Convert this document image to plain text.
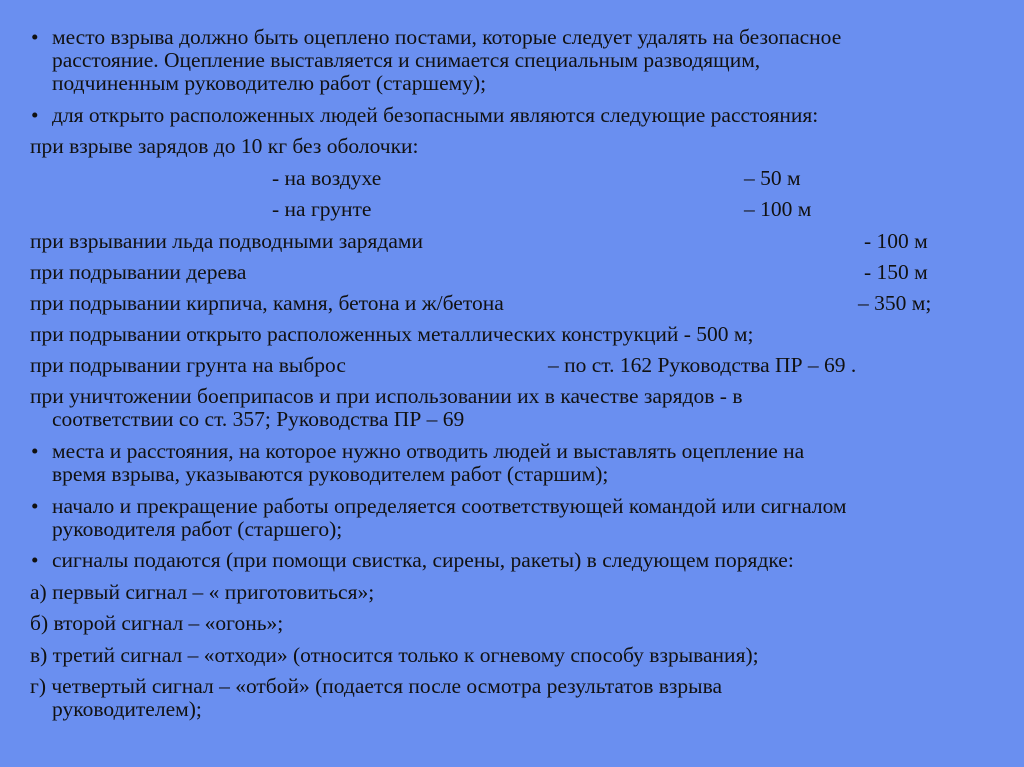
• место взрыва должно быть оцеплено постами, которые следует удалять на безопасное
расстояние. Оцепление выставляется и снимается специальным разводящим,
подчиненным руководителю работ (старшему);
• для открыто расположенных людей безопасными являются следующие расстояния:
при взрыве зарядов до 10 кг без оболочки:
- на воздухе	– 50 м
- на грунте	– 100 м
при взрывании льда подводными зарядами	- 100 м
при подрывании дерева	- 150 м
при подрывании кирпича, камня, бетона и ж/бетона	– 350 м;
при подрывании открыто расположенных металлических конструкций - 500 м;
при подрывании грунта на выброс	– по ст. 162 Руководства ПР – 69 .
при уничтожении боеприпасов и при использовании их в качестве зарядов - в
соответствии со ст. 357; Руководства ПР – 69
• места и расстояния, на которое нужно отводить людей и выставлять оцепление на
время взрыва, указываются руководителем работ (старшим);
• начало и прекращение работы определяется соответствующей командой или сигналом
руководителя работ (старшего);
• сигналы подаются (при помощи свистка, сирены, ракеты) в следующем порядке:
а) первый сигнал – « приготовиться»;
б) второй сигнал – «огонь»;
в) третий сигнал – «отходи» (относится только к огневому способу взрывания);
г) четвертый сигнал – «отбой» (подается после осмотра результатов взрыва
руководителем);
